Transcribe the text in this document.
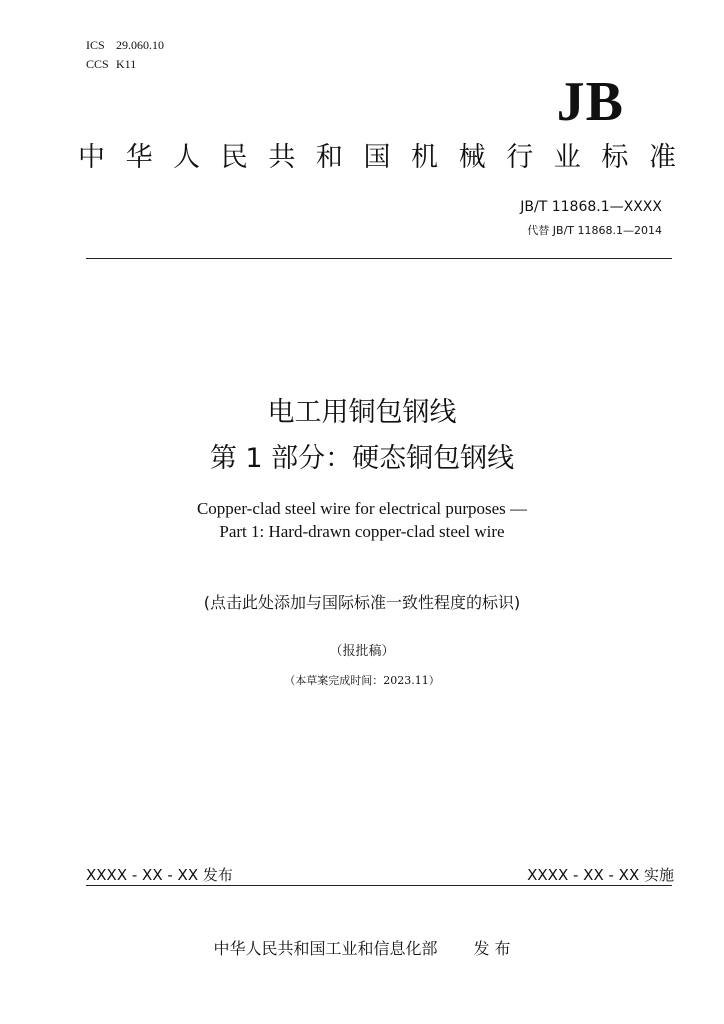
ICS 29.060.10
CCS K11
JB
中 华 人 民 共 和 国 机 械 行 业 标 准
JB/T 11868.1—XXXX
代替 JB/T 11868.1—2014
电工用铜包钢线
第 1 部分：硬态铜包钢线
Copper-clad steel wire for electrical purposes —
Part 1: Hard-drawn copper-clad steel wire
(点击此处添加与国际标准一致性程度的标识)
（报批稿）
（本草案完成时间：2023.11）
XXXX - XX - XX 发布	XXXX - XX - XX 实施
中华人民共和国工业和信息化部 发 布
